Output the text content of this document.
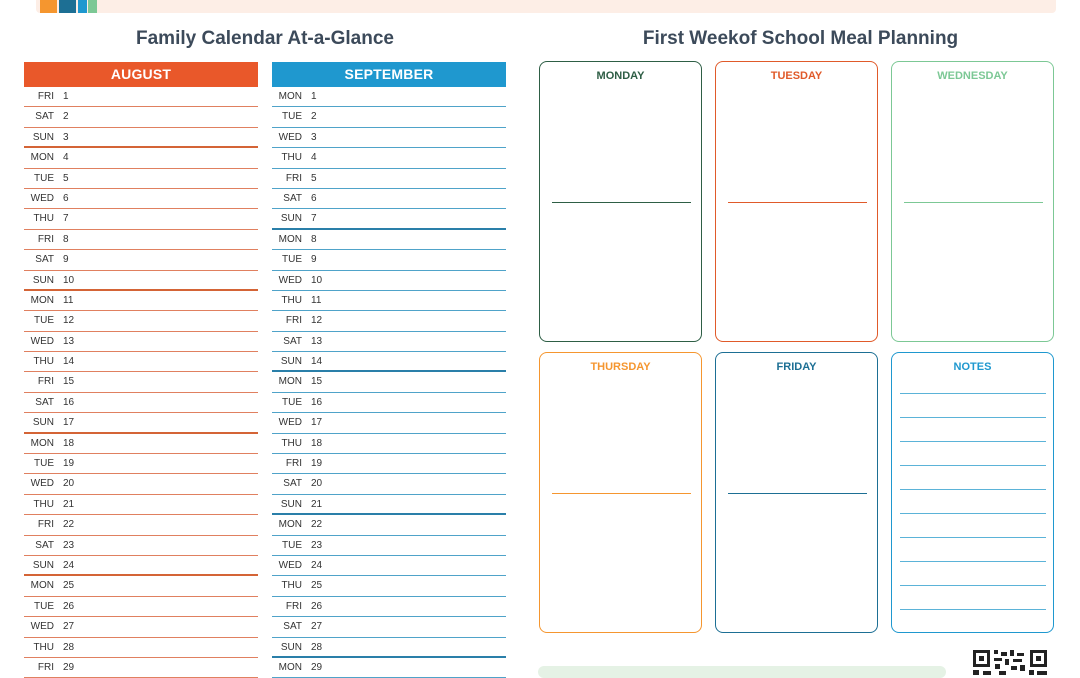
Family Calendar At-a-Glance	First Weekof School Meal Planning
AUGUST
FRI 1
SAT 2
SUN 3
MON 4
TUE 5
WED 6
THU 7
FRI 8
SAT 9
SUN 10
MON 11
TUE 12
WED 13
THU 14
FRI 15
SAT 16
SUN 17
MON 18
TUE 19
WED 20
THU 21
FRI 22
SAT 23
SUN 24
MON 25
TUE 26
WED 27
THU 28
FRI 29
SEPTEMBER
MON 1
TUE 2
WED 3
THU 4
FRI 5
SAT 6
SUN 7
MON 8
TUE 9
WED 10
THU 11
FRI 12
SAT 13
SUN 14
MON 15
TUE 16
WED 17
THU 18
FRI 19
SAT 20
SUN 21
MON 22
TUE 23
WED 24
THU 25
FRI 26
SAT 27
SUN 28
MON 29
MONDAY	TUESDAY	WEDNESDAY
THURSDAY	FRIDAY	NOTES
